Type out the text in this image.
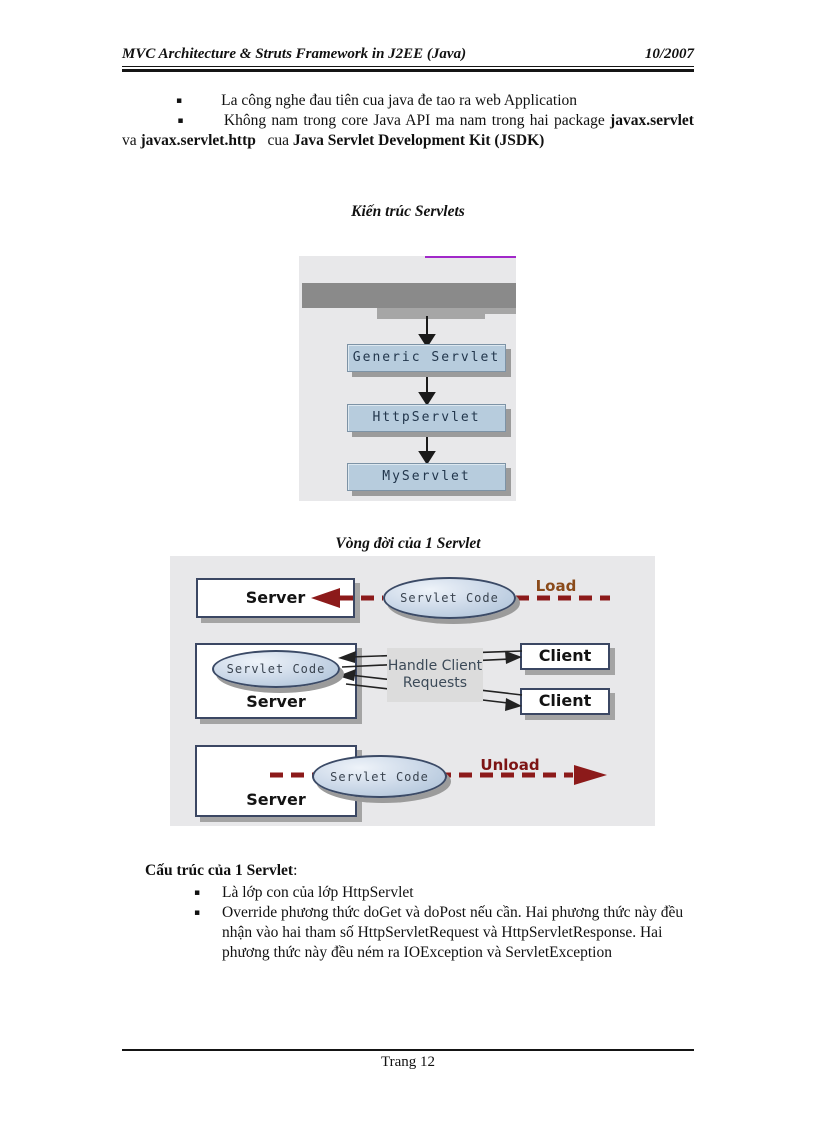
MVC Architecture & Struts Framework in J2EE (Java)	10/2007

▪	La công nghe đau tiên cua java đe tao ra web Application

▪	Không nam trong core Java API ma nam trong hai package javax.servlet va javax.servlet.http   cua Java Servlet Development Kit (JSDK)

Kiến trúc Servlets
Generic Servlet
HttpServlet
MyServlet
Vòng đời của 1 Servlet
Server
Server
Server
Client
Client
Servlet Code
Servlet Code
Servlet Code
Handle Client Requests
Load
Unload

Cấu trúc của 1 Servlet:

▪	Là lớp con của lớp HttpServlet
▪	Override phương thức doGet và doPost nếu cần. Hai phương thức này đều nhận vào hai tham số HttpServletRequest và HttpServletResponse. Hai phương thức này đều ném ra IOException và ServletException
Trang 12
